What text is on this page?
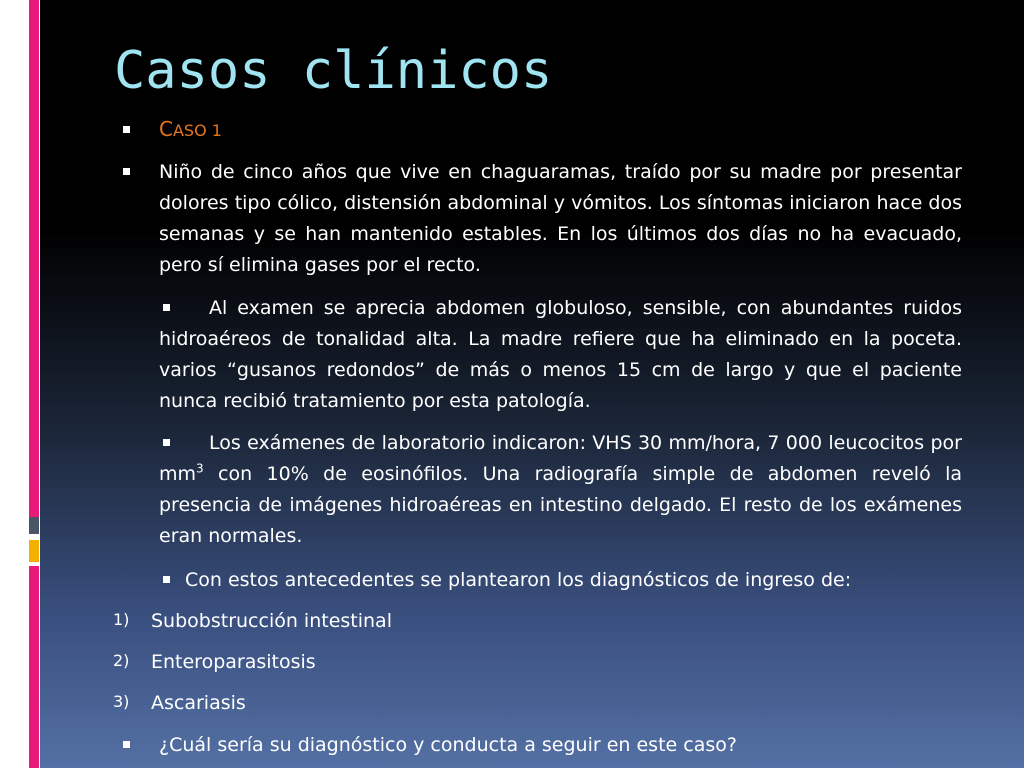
Casos clínicos
CASO 1
Niño de cinco años que vive en chaguaramas, traído por su madre por presentar dolores tipo cólico, distensión abdominal y vómitos. Los síntomas iniciaron hace dos semanas y se han mantenido estables. En los últimos dos días no ha evacuado, pero sí elimina gases por el recto.
Al examen se aprecia abdomen globuloso, sensible, con abundantes ruidos hidroaéreos de tonalidad alta. La madre refiere que ha eliminado en la poceta. varios “gusanos redondos” de más o menos 15 cm de largo y que el paciente nunca recibió tratamiento por esta patología.
Los exámenes de laboratorio indicaron: VHS 30 mm/hora, 7 000 leucocitos por $mm^3$ con 10% de eosinófilos. Una radiografía simple de abdomen reveló la presencia de imágenes hidroaéreas en intestino delgado. El resto de los exámenes eran normales.
Con estos antecedentes se plantearon los diagnósticos de ingreso de:
1) Subobstrucción intestinal
2) Enteroparasitosis
3) Ascariasis
¿Cuál sería su diagnóstico y conducta a seguir en este caso?
